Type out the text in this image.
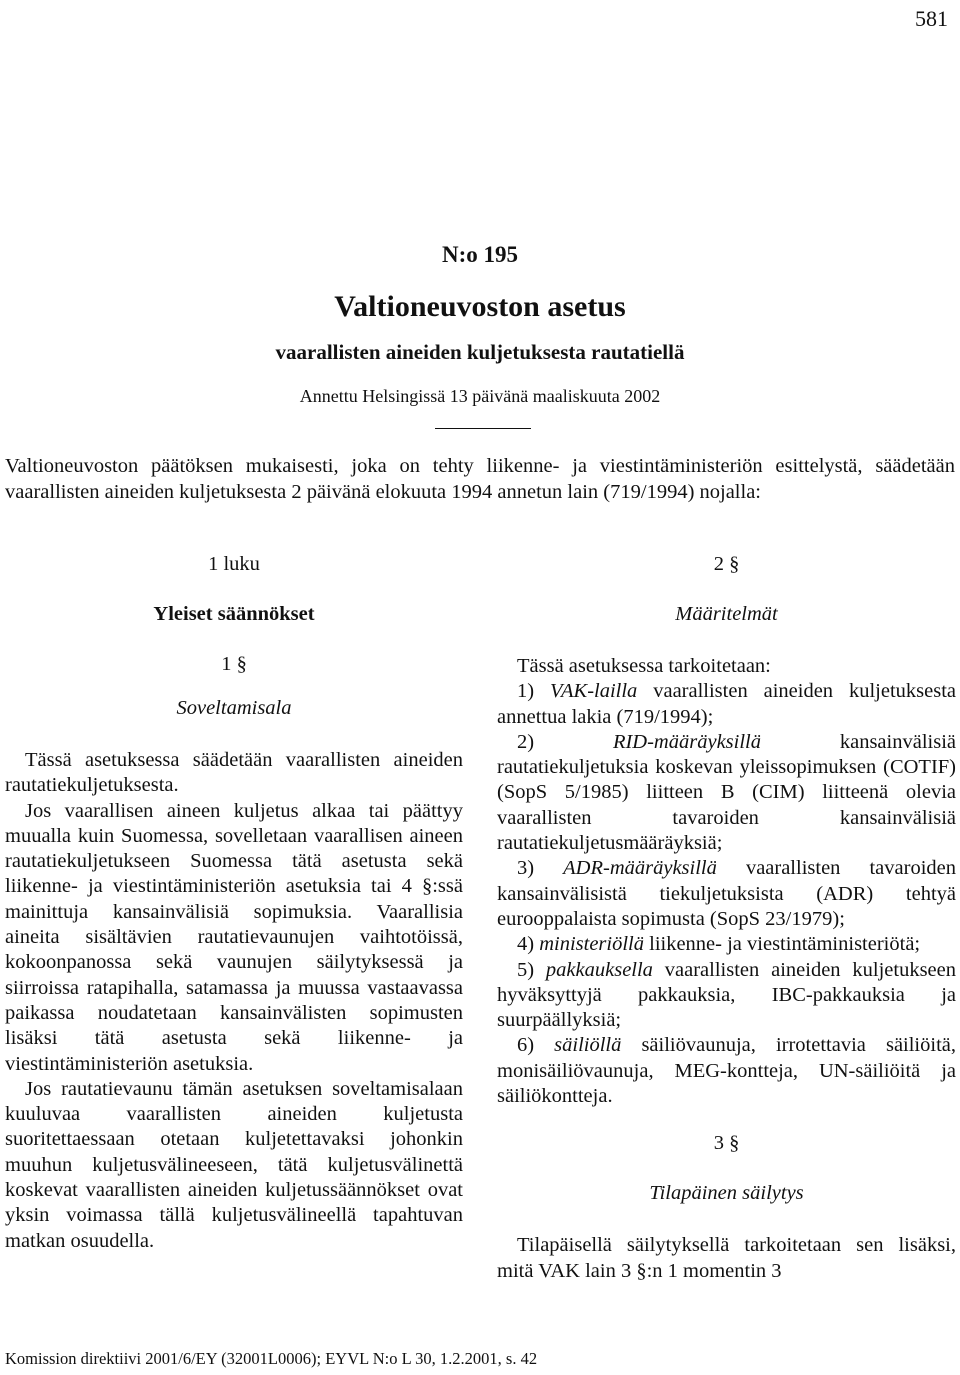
581
N:o 195
Valtioneuvoston asetus
vaarallisten aineiden kuljetuksesta rautatiellä
Annettu Helsingissä 13 päivänä maaliskuuta 2002
Valtioneuvoston päätöksen mukaisesti, joka on tehty liikenne- ja viestintäministeriön esittelystä, säädetään vaarallisten aineiden kuljetuksesta 2 päivänä elokuuta 1994 annetun lain (719/1994) nojalla:
1 luku
Yleiset säännökset
1 §
Soveltamisala

Tässä asetuksessa säädetään vaarallisten aineiden rautatiekuljetuksesta.

Jos vaarallisen aineen kuljetus alkaa tai päättyy muualla kuin Suomessa, sovelletaan vaarallisen aineen rautatiekuljetukseen Suomessa tätä asetusta sekä liikenne- ja viestintäministeriön asetuksia tai 4 §:ssä mainittuja kansainvälisiä sopimuksia. Vaarallisia aineita sisältävien rautatievaunujen vaihtotöissä, kokoonpanossa sekä vaunujen säilytyksessä ja siirroissa ratapihalla, satamassa ja muussa vastaavassa paikassa noudatetaan kansainvälisten sopimusten lisäksi tätä asetusta sekä liikenne- ja viestintäministeriön asetuksia.

Jos rautatievaunu tämän asetuksen soveltamisalaan kuuluvaa vaarallisten aineiden kuljetusta suoritettaessaan otetaan kuljetettavaksi johonkin muuhun kuljetusvälineeseen, tätä kuljetusvälinettä koskevat vaarallisten aineiden kuljetussäännökset ovat yksin voimassa tällä kuljetusvälineellä tapahtuvan matkan osuudella.

2 §
Määritelmät

Tässä asetuksessa tarkoitetaan:

1) VAK-lailla vaarallisten aineiden kuljetuksesta annettua lakia (719/1994);

2) RID-määräyksillä kansainvälisiä rautatiekuljetuksia koskevan yleissopimuksen (COTIF) (SopS 5/1985) liitteen B (CIM) liitteenä olevia vaarallisten tavaroiden kansainvälisiä rautatiekuljetusmääräyksiä;

3) ADR-määräyksillä vaarallisten tavaroiden kansainvälisistä tiekuljetuksista (ADR) tehtyä eurooppalaista sopimusta (SopS 23/1979);

4) ministeriöllä liikenne- ja viestintäministeriötä;

5) pakkauksella vaarallisten aineiden kuljetukseen hyväksyttyjä pakkauksia, IBC-pakkauksia ja suurpäällyksiä;

6) säiliöllä säiliövaunuja, irrotettavia säiliöitä, monisäiliövaunuja, MEG-kontteja, UN-säiliöitä ja säiliökontteja.

3 §
Tilapäinen säilytys

Tilapäisellä säilytyksellä tarkoitetaan sen lisäksi, mitä VAK lain 3 §:n 1 momentin 3

Komission direktiivi 2001/6/EY (32001L0006); EYVL N:o L 30, 1.2.2001, s. 42
